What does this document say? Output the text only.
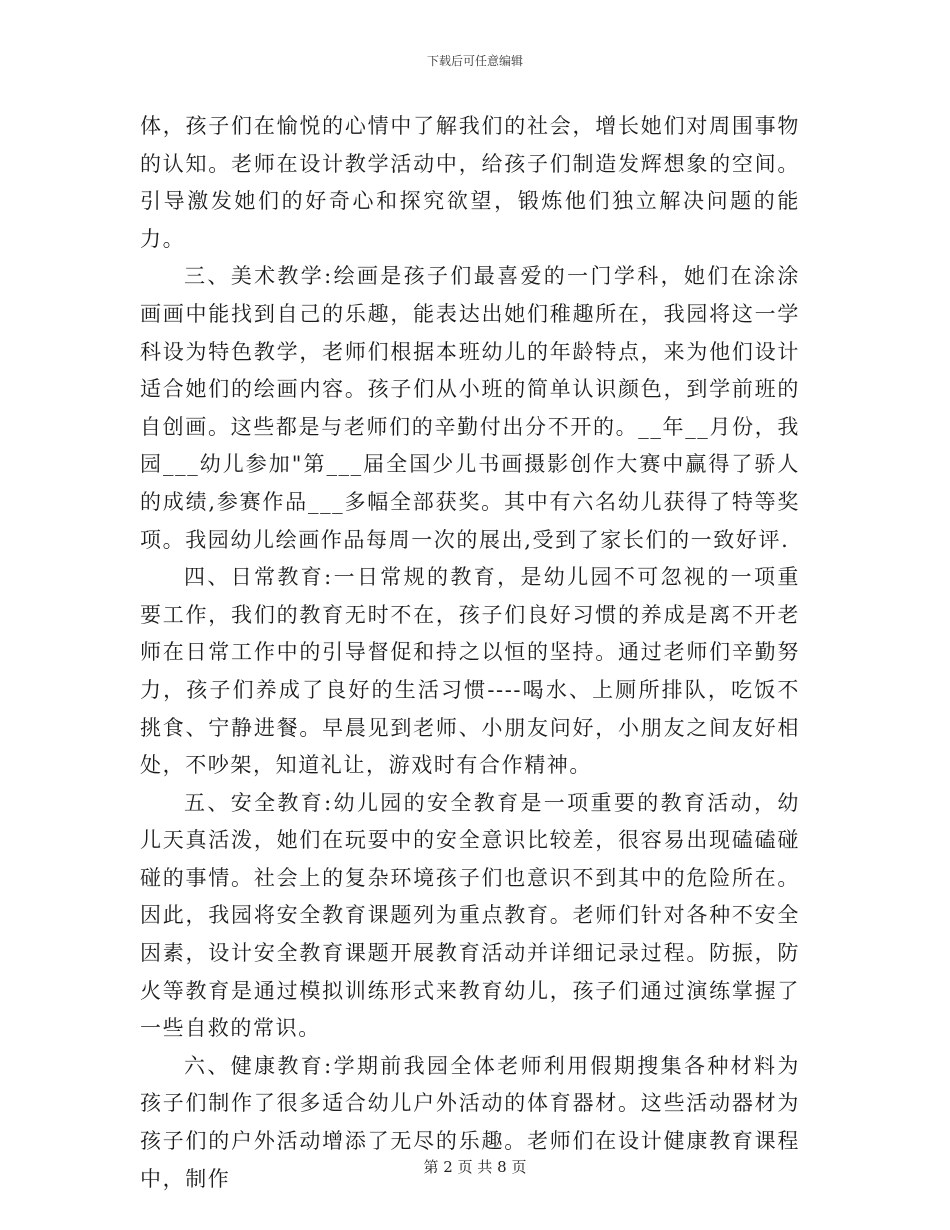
下载后可任意编辑

体，孩子们在愉悦的心情中了解我们的社会，增长她们对周围事物的认知。老师在设计教学活动中，给孩子们制造发辉想象的空间。引导激发她们的好奇心和探究欲望，锻炼他们独立解决问题的能力。

三、美术教学:绘画是孩子们最喜爱的一门学科，她们在涂涂画画中能找到自己的乐趣，能表达出她们稚趣所在，我园将这一学科设为特色教学，老师们根据本班幼儿的年龄特点，来为他们设计适合她们的绘画内容。孩子们从小班的简单认识颜色，到学前班的自创画。这些都是与老师们的辛勤付出分不开的。__年__月份，我园___幼儿参加"第___届全国少儿书画摄影创作大赛中赢得了骄人的成绩,参赛作品___多幅全部获奖。其中有六名幼儿获得了特等奖项。我园幼儿绘画作品每周一次的展出,受到了家长们的一致好评.

四、日常教育:一日常规的教育，是幼儿园不可忽视的一项重要工作，我们的教育无时不在，孩子们良好习惯的养成是离不开老师在日常工作中的引导督促和持之以恒的坚持。通过老师们辛勤努力，孩子们养成了良好的生活习惯----喝水、上厕所排队，吃饭不挑食、宁静进餐。早晨见到老师、小朋友问好，小朋友之间友好相处，不吵架，知道礼让，游戏时有合作精神。

五、安全教育:幼儿园的安全教育是一项重要的教育活动，幼儿天真活泼，她们在玩耍中的安全意识比较差，很容易出现磕磕碰碰的事情。社会上的复杂环境孩子们也意识不到其中的危险所在。因此，我园将安全教育课题列为重点教育。老师们针对各种不安全因素，设计安全教育课题开展教育活动并详细记录过程。防振，防火等教育是通过模拟训练形式来教育幼儿，孩子们通过演练掌握了一些自救的常识。

六、健康教育:学期前我园全体老师利用假期搜集各种材料为孩子们制作了很多适合幼儿户外活动的体育器材。这些活动器材为孩子们的户外活动增添了无尽的乐趣。老师们在设计健康教育课程中，制作	第 2 页 共 8 页
